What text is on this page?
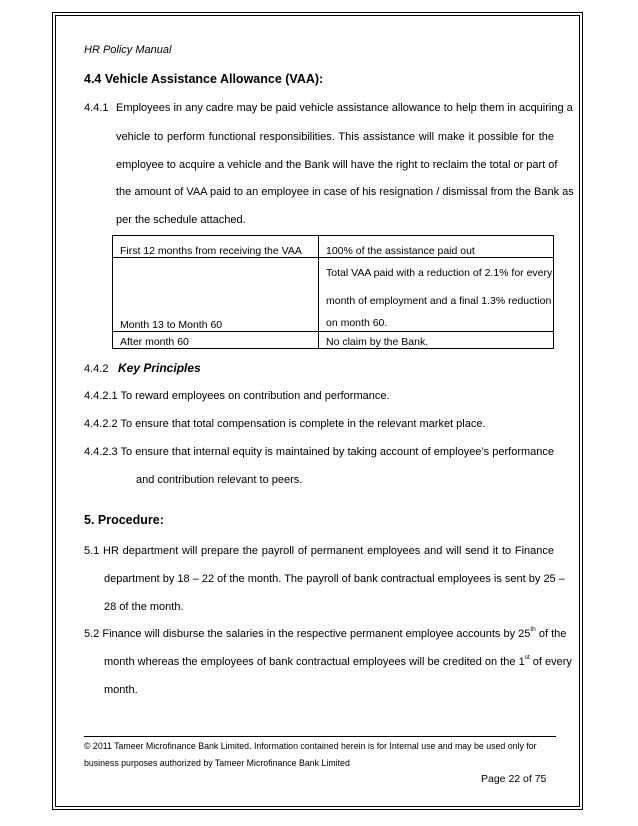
HR Policy Manual
4.4 Vehicle Assistance Allowance (VAA):
4.4.1 Employees in any cadre may be paid vehicle assistance allowance to help them in acquiring a
vehicle to perform functional responsibilities. This assistance will make it possible for the
employee to acquire a vehicle and the Bank will have the right to reclaim the total or part of
the amount of VAA paid to an employee in case of his resignation / dismissal from the Bank as
per the schedule attached.
First 12 months from receiving the VAA	100% of the assistance paid out
Month 13 to Month 60	Total VAA paid with a reduction of 2.1% for every
month of employment and a final 1.3% reduction
on month 60.

After month 60	No claim by the Bank.
4.4.2 Key Principles
4.4.2.1 To reward employees on contribution and performance.
4.4.2.2 To ensure that total compensation is complete in the relevant market place.
4.4.2.3 To ensure that internal equity is maintained by taking account of employee’s performance
and contribution relevant to peers.
5. Procedure:
5.1 HR department will prepare the payroll of permanent employees and will send it to Finance
department by 18 – 22 of the month. The payroll of bank contractual employees is sent by 25 –
28 of the month.
5.2 Finance will disburse the salaries in the respective permanent employee accounts by 25th of the
month whereas the employees of bank contractual employees will be credited on the 1st of every
month.
© 2011 Tameer Microfinance Bank Limited. Information contained herein is for Internal use and may be used only for
business purposes authorized by Tameer Microfinance Bank Limited
Page 22 of 75
